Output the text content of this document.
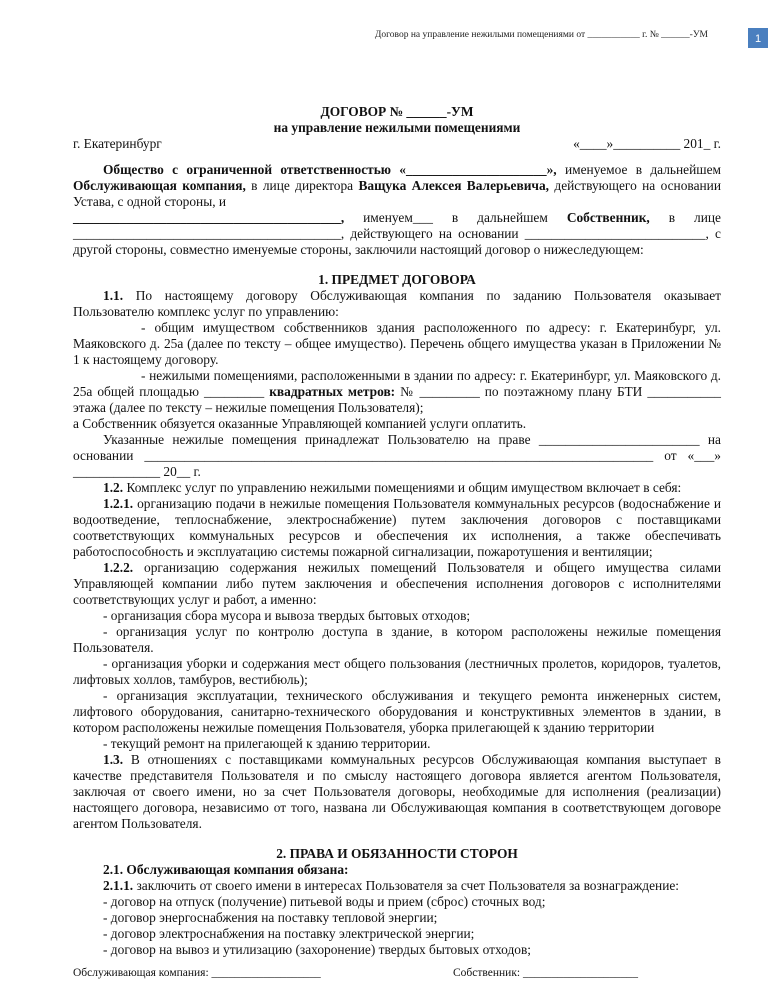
Договор на управление нежилыми помещениями от ___________ г. № ______-УМ	1

ДОГОВОР № ______-УМ

на управление нежилыми помещениями

г. Екатеринбург	«____»__________ 201_ г.

Общество с ограниченной ответственностью «_____________________», именуемое в дальнейшем Обслуживающая компания, в лице директора Ващука Алексея Валерьевича, действующего на основании Устава, с одной стороны, и

________________________________________, именуем___ в дальнейшем Собственник, в лице ________________________________________, действующего на основании ___________________________, с другой стороны, совместно именуемые стороны, заключили настоящий договор о нижеследующем:

1. ПРЕДМЕТ ДОГОВОРА

1.1. По настоящему договору Обслуживающая компания по заданию Пользователя оказывает Пользователю комплекс услуг по управлению:

- общим имуществом собственников здания расположенного по адресу: г. Екатеринбург, ул. Маяковского д. 25а (далее по тексту – общее имущество). Перечень общего имущества указан в Приложении № 1 к настоящему договору.

- нежилыми помещениями, расположенными в здании по адресу: г. Екатеринбург, ул. Маяковского д. 25а общей площадью _________ квадратных метров: № _________ по поэтажному плану БТИ ___________ этажа (далее по тексту – нежилые помещения Пользователя);

а Собственник обязуется оказанные Управляющей компанией услуги оплатить.

Указанные нежилые помещения принадлежат Пользователю на праве ________________________ на основании ____________________________________________________________________________ от «___» _____________ 20__ г.

1.2. Комплекс услуг по управлению нежилыми помещениями и общим имуществом включает в себя:

1.2.1. организацию подачи в нежилые помещения Пользователя коммунальных ресурсов (водоснабжение и водоотведение, теплоснабжение, электроснабжение) путем заключения договоров с поставщиками соответствующих коммунальных ресурсов и обеспечения их исполнения, а также обеспечивать работоспособность и эксплуатацию системы пожарной сигнализации, пожаротушения и вентиляции;

1.2.2. организацию содержания нежилых помещений Пользователя и общего имущества силами Управляющей компании либо путем заключения и обеспечения исполнения договоров с исполнителями соответствующих услуг и работ, а именно:

- организация сбора мусора и вывоза твердых бытовых отходов;

- организация услуг по контролю доступа в здание, в котором расположены нежилые помещения Пользователя.

- организация уборки и содержания мест общего пользования (лестничных пролетов, коридоров, туалетов, лифтовых холлов, тамбуров, вестибюль);

- организация эксплуатации, технического обслуживания и текущего ремонта инженерных систем, лифтового оборудования, санитарно-технического оборудования и конструктивных элементов в здании, в котором расположены нежилые помещения Пользователя, уборка прилегающей к зданию территории

- текущий ремонт на прилегающей к зданию территории.

1.3. В отношениях с поставщиками коммунальных ресурсов Обслуживающая компания выступает в качестве представителя Пользователя и по смыслу настоящего договора является агентом Пользователя, заключая от своего имени, но за счет Пользователя договоры, необходимые для исполнения (реализации) настоящего договора, независимо от того, названа ли Обслуживающая компания в соответствующем договоре агентом Пользователя.

2. ПРАВА И ОБЯЗАННОСТИ СТОРОН

2.1. Обслуживающая компания обязана:

2.1.1. заключить от своего имени в интересах Пользователя за счет Пользователя за вознаграждение:

- договор на отпуск (получение) питьевой воды и прием (сброс) сточных вод;

- договор энергоснабжения на поставку тепловой энергии;

- договор электроснабжения на поставку электрической энергии;

- договор на вывоз и утилизацию (захоронение) твердых бытовых отходов;

Обслуживающая компания: ___________________	Собственник: ____________________
